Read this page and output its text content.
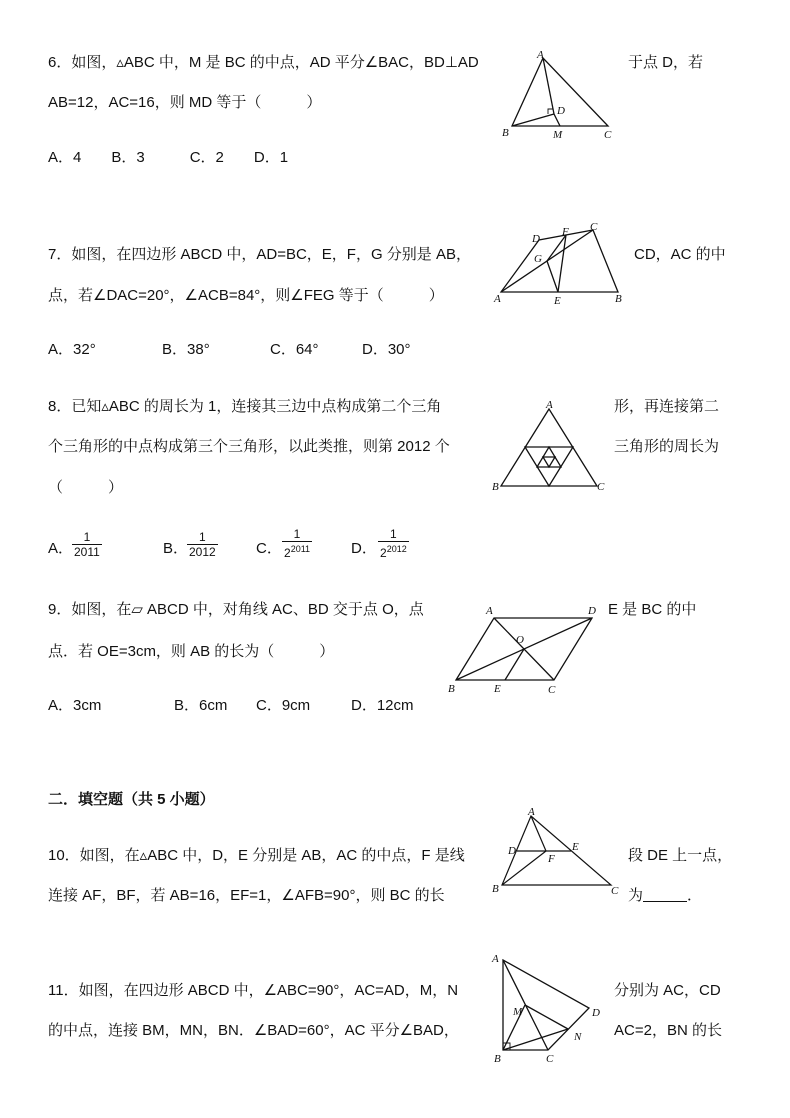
6．如图，▵ABC 中，M 是 BC 的中点，AD 平分∠BAC，BD⊥AD	于点 D，若
AB=12，AC=16，则 MD 等于（　　　）
A．4　　B．3　　　C．2　　D．1
A
B	C
D
M
7．如图，在四边形 ABCD 中，AD=BC，E，F，G 分别是 AB，	CD，AC 的中
点，若∠DAC=20°，∠ACB=84°，则∠FEG 等于（　　　）
A．32°	B．38°	C．64°	D．30°
A	B
C
D
E
F
G
8．已知▵ABC 的周长为 1，连接其三边中点构成第二个三角	形，再连接第二
个三角形的中点构成第三个三角形，以此类推，则第 2012 个	三角形的周长为
（　　　）
A．
$\frac{1}{2011}$	B．
$\frac{1}{2012}$	C． $\frac{1}{2^{2011}}$	D． $\frac{1}{2^{2012}}$
A
B	C
9．如图，在▱ ABCD 中，对角线 AC、BD 交于点 O，点	E 是 BC 的中
点．若 OE=3cm，则 AB 的长为（　　　）
A．3cm	B．6cm C．9cm	D．12cm
A
B	C
D
E
O
二．填空题（共 5 小题）
10．如图，在▵ABC 中，D，E 分别是 AB，AC 的中点，F 是线	段 DE 上一点，
连接 AF，BF，若 AB=16，EF=1，∠AFB=90°，则 BC 的长	为	．
A
B	C
D	E
F
11．如图，在四边形 ABCD 中，∠ABC=90°，AC=AD，M，N	分别为 AC，CD
的中点，连接 BM，MN，BN．∠BAD=60°，AC 平分∠BAD，	AC=2，BN 的长
A
B	C
D
M
N
